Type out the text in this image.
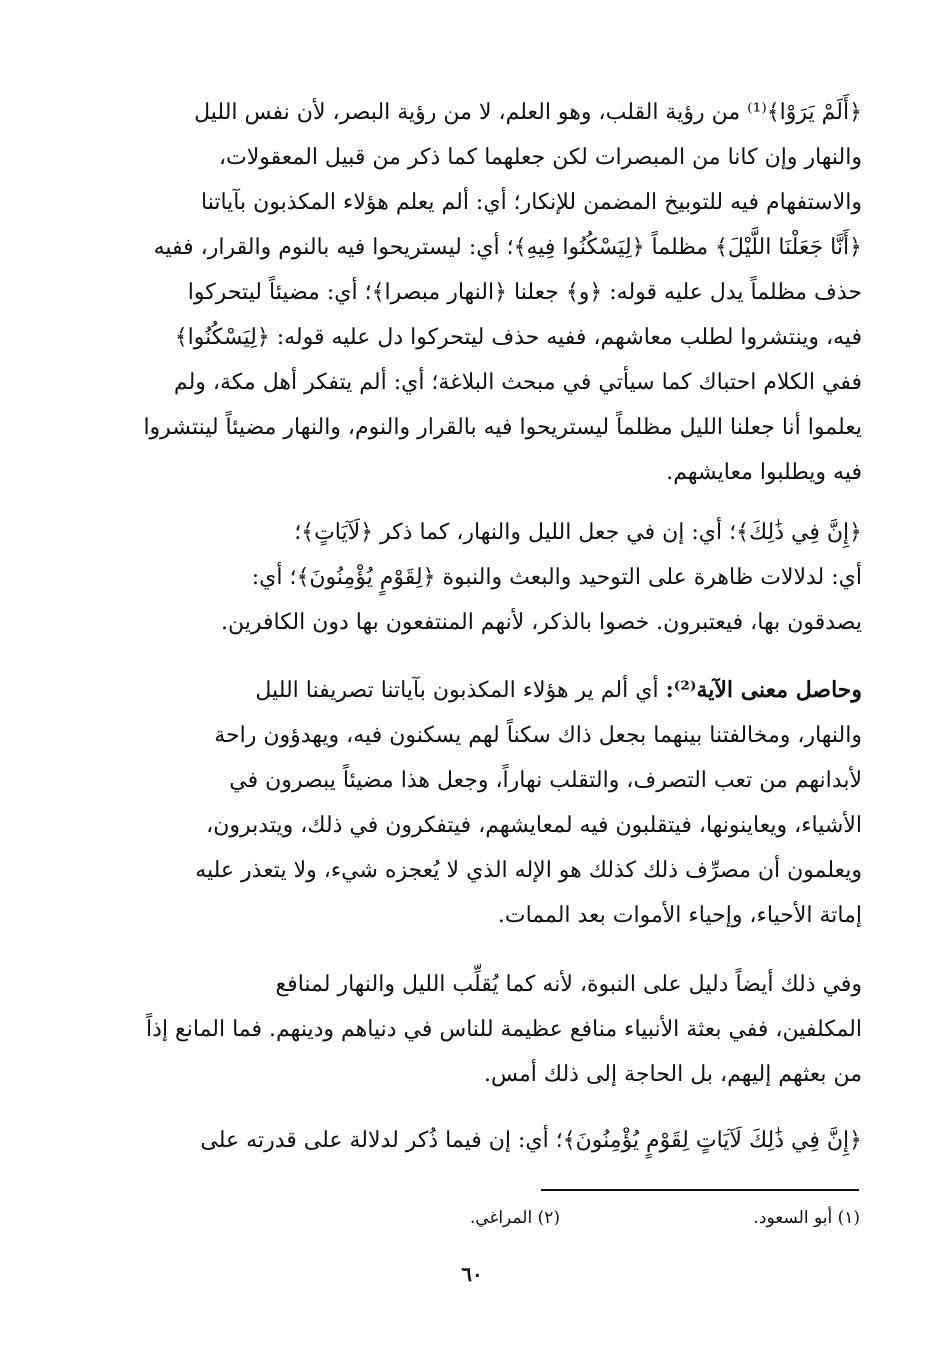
﴿أَلَمْ يَرَوْا﴾⁽¹⁾ من رؤية القلب، وهو العلم، لا من رؤية البصر، لأن نفس الليل
والنهار وإن كانا من المبصرات لكن جعلهما كما ذكر من قبيل المعقولات،
والاستفهام فيه للتوبيخ المضمن للإنكار؛ أي: ألم يعلم هؤلاء المكذبون بآياتنا
﴿أَنَّا جَعَلْنَا اللَّيْلَ﴾ مظلماً ﴿لِيَسْكُنُوا فِيهِ﴾؛ أي: ليستريحوا فيه بالنوم والقرار، ففيه
حذف مظلماً يدل عليه قوله: ﴿و﴾ جعلنا ﴿النهار مبصرا﴾؛ أي: مضيئاً ليتحركوا
فيه، وينتشروا لطلب معاشهم، ففيه حذف ليتحركوا دل عليه قوله: ﴿لِيَسْكُنُوا﴾
ففي الكلام احتباك كما سيأتي في مبحث البلاغة؛ أي: ألم يتفكر أهل مكة، ولم
يعلموا أنا جعلنا الليل مظلماً ليستريحوا فيه بالقرار والنوم، والنهار مضيئاً لينتشروا
فيه ويطلبوا معايشهم.
﴿إِنَّ فِي ذَٰلِكَ﴾؛ أي: إن في جعل الليل والنهار، كما ذكر ﴿لَآيَاتٍ﴾؛
أي: لدلالات ظاهرة على التوحيد والبعث والنبوة ﴿لِقَوْمٍ يُؤْمِنُونَ﴾؛ أي:
يصدقون بها، فيعتبرون. خصوا بالذكر، لأنهم المنتفعون بها دون الكافرين.
وحاصل معنى الآية⁽²⁾: أي ألم ير هؤلاء المكذبون بآياتنا تصريفنا الليل
والنهار، ومخالفتنا بينهما بجعل ذاك سكناً لهم يسكنون فيه، ويهدؤون راحة
لأبدانهم من تعب التصرف، والتقلب نهاراً، وجعل هذا مضيئاً يبصرون في
الأشياء، ويعاينونها، فيتقلبون فيه لمعايشهم، فيتفكرون في ذلك، ويتدبرون،
ويعلمون أن مصرِّف ذلك كذلك هو الإله الذي لا يُعجزه شيء، ولا يتعذر عليه
إماتة الأحياء، وإحياء الأموات بعد الممات.
وفي ذلك أيضاً دليل على النبوة، لأنه كما يُقلِّب الليل والنهار لمنافع
المكلفين، ففي بعثة الأنبياء منافع عظيمة للناس في دنياهم ودينهم. فما المانع إذاً
من بعثهم إليهم، بل الحاجة إلى ذلك أمس.
﴿إِنَّ فِي ذَٰلِكَ لَآيَاتٍ لِقَوْمٍ يُؤْمِنُونَ﴾؛ أي: إن فيما ذُكر لدلالة على قدرته على
(١) أبو السعود.
(٢) المراغي.
٦٠
